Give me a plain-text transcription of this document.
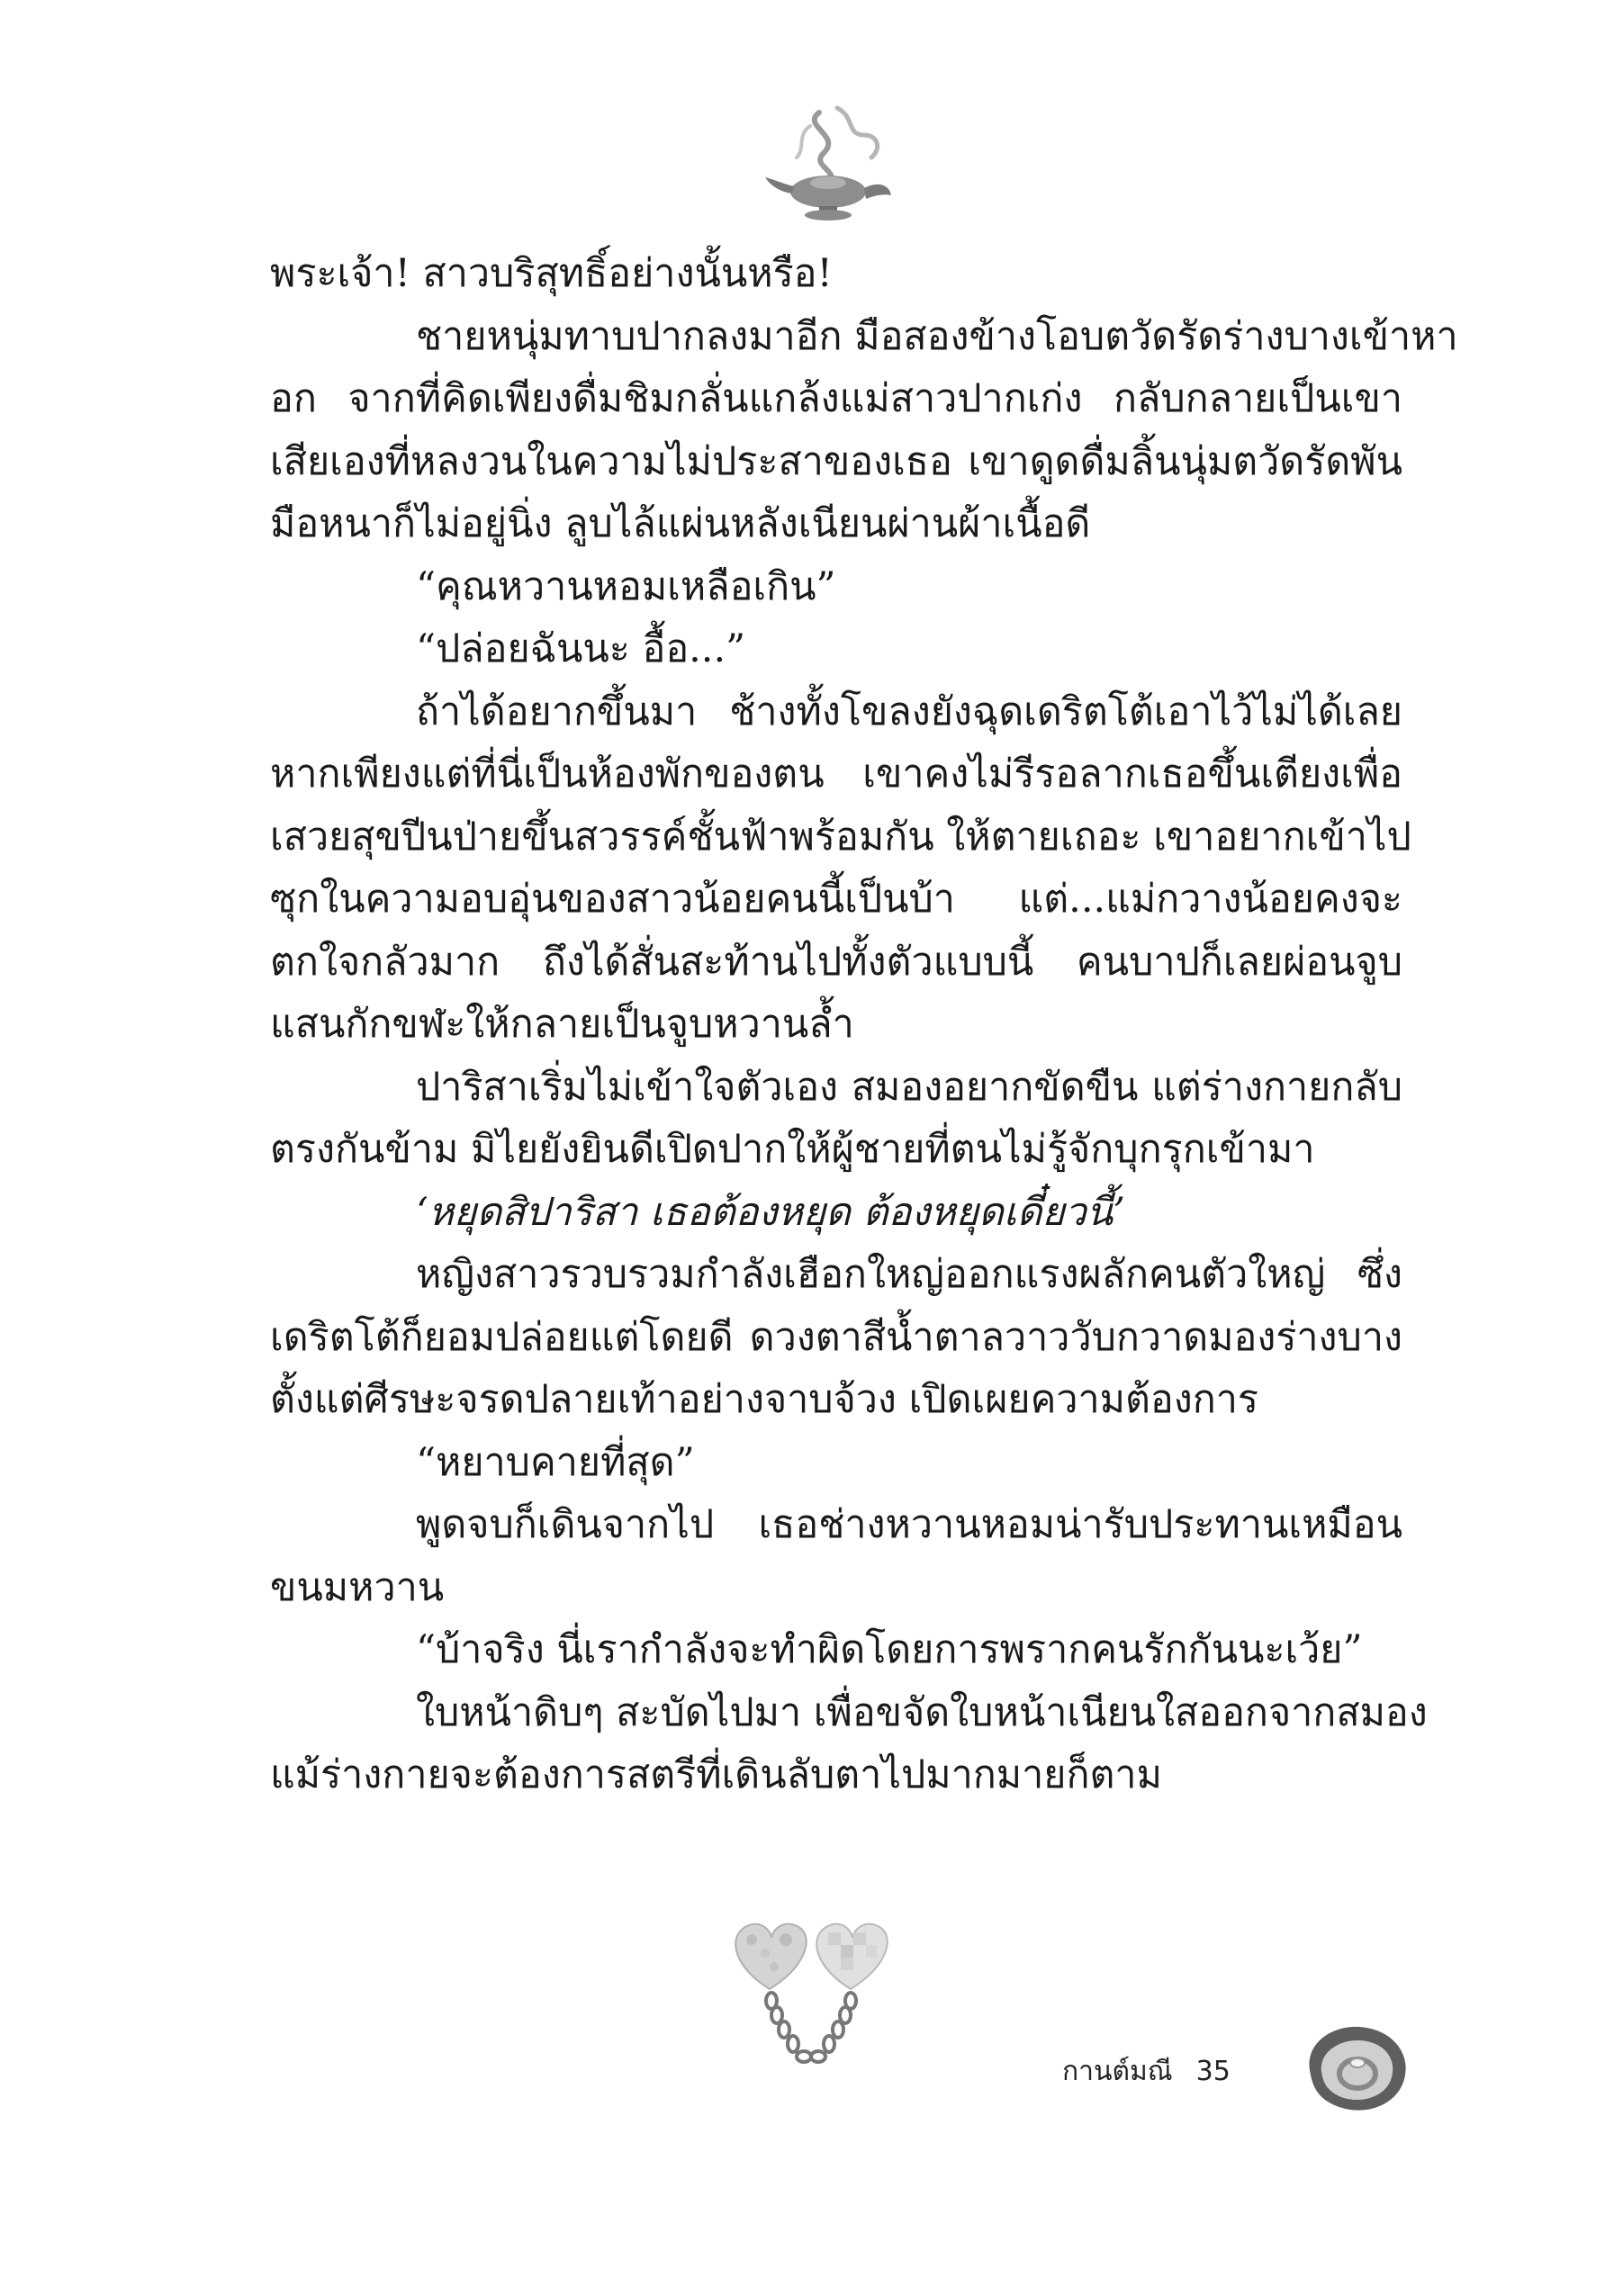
พระเจ้า! สาวบริสุทธิ์อย่างนั้นหรือ!
ชายหนุ่มทาบปากลงมาอีก มือสองข้างโอบตวัดรัดร่างบางเข้าหา
อก จากที่คิดเพียงดื่มชิมกลั่นแกล้งแม่สาวปากเก่ง กลับกลายเป็นเขา
เสียเองที่หลงวนในความไม่ประสาของเธอ เขาดูดดื่มลิ้นนุ่มตวัดรัดพัน
มือหนาก็ไม่อยู่นิ่ง ลูบไล้แผ่นหลังเนียนผ่านผ้าเนื้อดี
“คุณหวานหอมเหลือเกิน”
“ปล่อยฉันนะ อื้อ...”
ถ้าได้อยากขึ้นมา ช้างทั้งโขลงยังฉุดเดริตโต้เอาไว้ไม่ได้เลย
หากเพียงแต่ที่นี่เป็นห้องพักของตน เขาคงไม่รีรอลากเธอขึ้นเตียงเพื่อ
เสวยสุขปีนป่ายขึ้นสวรรค์ชั้นฟ้าพร้อมกัน ให้ตายเถอะ เขาอยากเข้าไป
ซุกในความอบอุ่นของสาวน้อยคนนี้เป็นบ้า แต่...แม่กวางน้อยคงจะ
ตกใจกลัวมาก ถึงได้สั่นสะท้านไปทั้งตัวแบบนี้ คนบาปก็เลยผ่อนจูบ
แสนกักขฬะให้กลายเป็นจูบหวานล้ำ
ปาริสาเริ่มไม่เข้าใจตัวเอง สมองอยากขัดขืน แต่ร่างกายกลับ
ตรงกันข้าม มิไยยังยินดีเปิดปากให้ผู้ชายที่ตนไม่รู้จักบุกรุกเข้ามา
‘หยุดสิปาริสา เธอต้องหยุด ต้องหยุดเดี๋ยวนี้’
หญิงสาวรวบรวมกำลังเฮือกใหญ่ออกแรงผลักคนตัวใหญ่ ซึ่ง
เดริตโต้ก็ยอมปล่อยแต่โดยดี ดวงตาสีน้ำตาลวาววับกวาดมองร่างบาง
ตั้งแต่ศีรษะจรดปลายเท้าอย่างจาบจ้วง เปิดเผยความต้องการ
“หยาบคายที่สุด”
พูดจบก็เดินจากไป เธอช่างหวานหอมน่ารับประทานเหมือน
ขนมหวาน
“บ้าจริง นี่เรากำลังจะทำผิดโดยการพรากคนรักกันนะเว้ย”
ใบหน้าดิบๆ สะบัดไปมา เพื่อขจัดใบหน้าเนียนใสออกจากสมอง
แม้ร่างกายจะต้องการสตรีที่เดินลับตาไปมากมายก็ตาม
กานต์มณี 35
